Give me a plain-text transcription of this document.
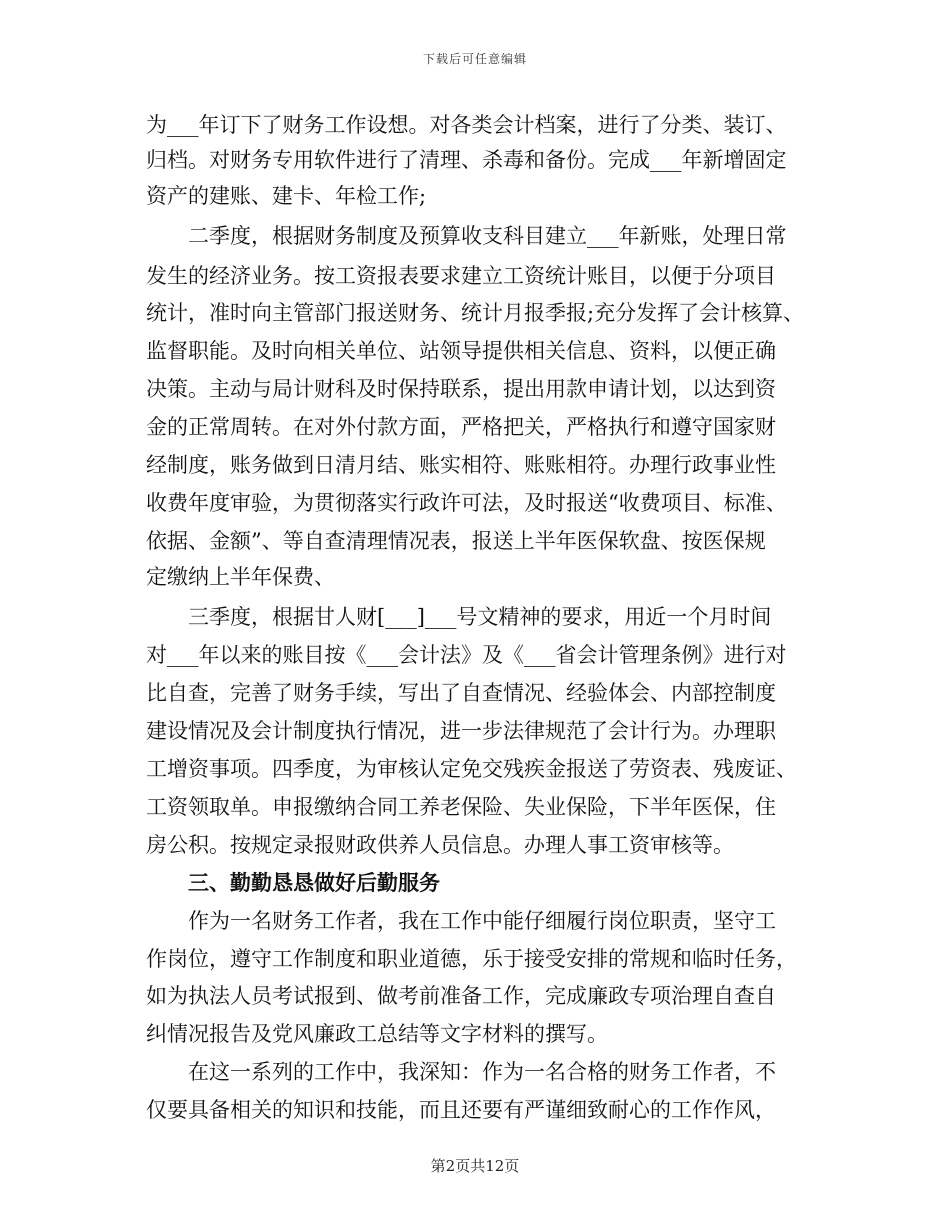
下载后可任意编辑
为___年订下了财务工作设想。对各类会计档案，进行了分类、装订、
归档。对财务专用软件进行了清理、杀毒和备份。完成___年新增固定
资产的建账、建卡、年检工作;
二季度，根据财务制度及预算收支科目建立___年新账，处理日常
发生的经济业务。按工资报表要求建立工资统计账目，以便于分项目
统计，准时向主管部门报送财务、统计月报季报;充分发挥了会计核算、
监督职能。及时向相关单位、站领导提供相关信息、资料，以便正确
决策。主动与局计财科及时保持联系，提出用款申请计划，以达到资
金的正常周转。在对外付款方面，严格把关，严格执行和遵守国家财
经制度，账务做到日清月结、账实相符、账账相符。办理行政事业性
收费年度审验，为贯彻落实行政许可法，及时报送“收费项目、标准、
依据、金额”、等自查清理情况表，报送上半年医保软盘、按医保规
定缴纳上半年保费、
三季度，根据甘人财[___]___号文精神的要求，用近一个月时间
对___年以来的账目按《___会计法》及《___省会计管理条例》进行对
比自查，完善了财务手续，写出了自查情况、经验体会、内部控制度
建设情况及会计制度执行情况，进一步法律规范了会计行为。办理职
工增资事项。四季度，为审核认定免交残疾金报送了劳资表、残废证、
工资领取单。申报缴纳合同工养老保险、失业保险，下半年医保，住
房公积。按规定录报财政供养人员信息。办理人事工资审核等。
三、勤勤恳恳做好后勤服务
作为一名财务工作者，我在工作中能仔细履行岗位职责，坚守工
作岗位，遵守工作制度和职业道德，乐于接受安排的常规和临时任务，
如为执法人员考试报到、做考前准备工作，完成廉政专项治理自查自
纠情况报告及党风廉政工总结等文字材料的撰写。
在这一系列的工作中，我深知：作为一名合格的财务工作者，不
仅要具备相关的知识和技能，而且还要有严谨细致耐心的工作作风，
第2页共12页
